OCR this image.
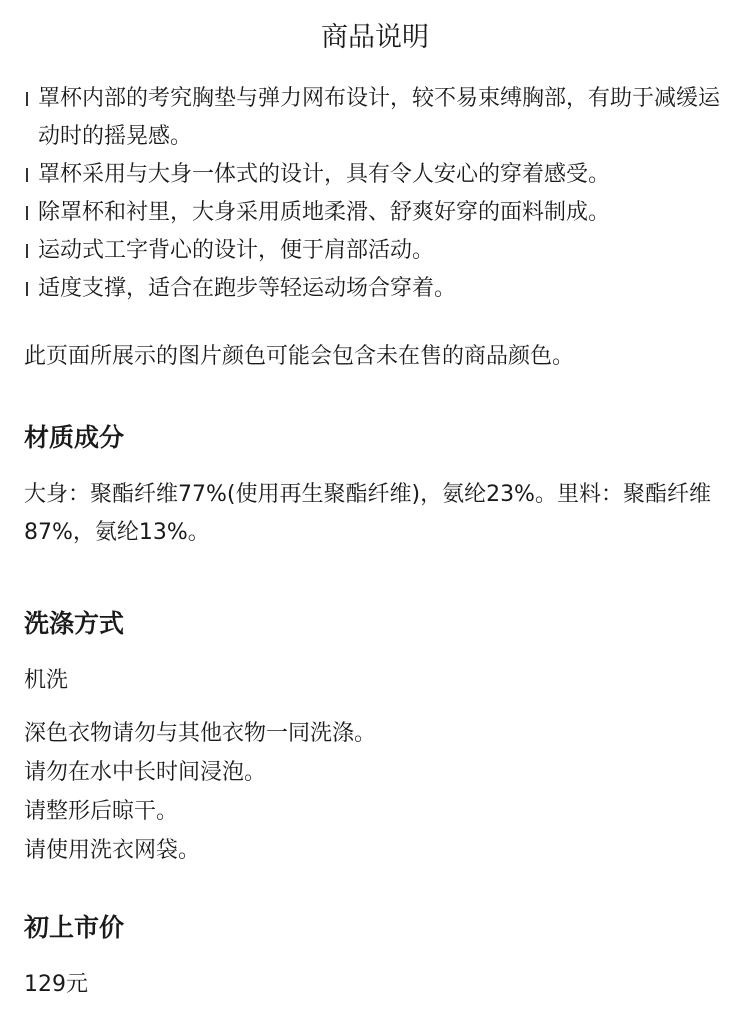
商品说明
罩杯内部的考究胸垫与弹力网布设计，较不易束缚胸部，有助于减缓运动时的摇晃感。
罩杯采用与大身一体式的设计，具有令人安心的穿着感受。
除罩杯和衬里，大身采用质地柔滑、舒爽好穿的面料制成。
运动式工字背心的设计，便于肩部活动。
适度支撑，适合在跑步等轻运动场合穿着。
此页面所展示的图片颜色可能会包含未在售的商品颜色。
材质成分
大身：聚酯纤维77%(使用再生聚酯纤维)，氨纶23%。里料：聚酯纤维87%，氨纶13%。
洗涤方式
机洗
深色衣物请勿与其他衣物一同洗涤。
请勿在水中长时间浸泡。
请整形后晾干。
请使用洗衣网袋。
初上市价
129元
